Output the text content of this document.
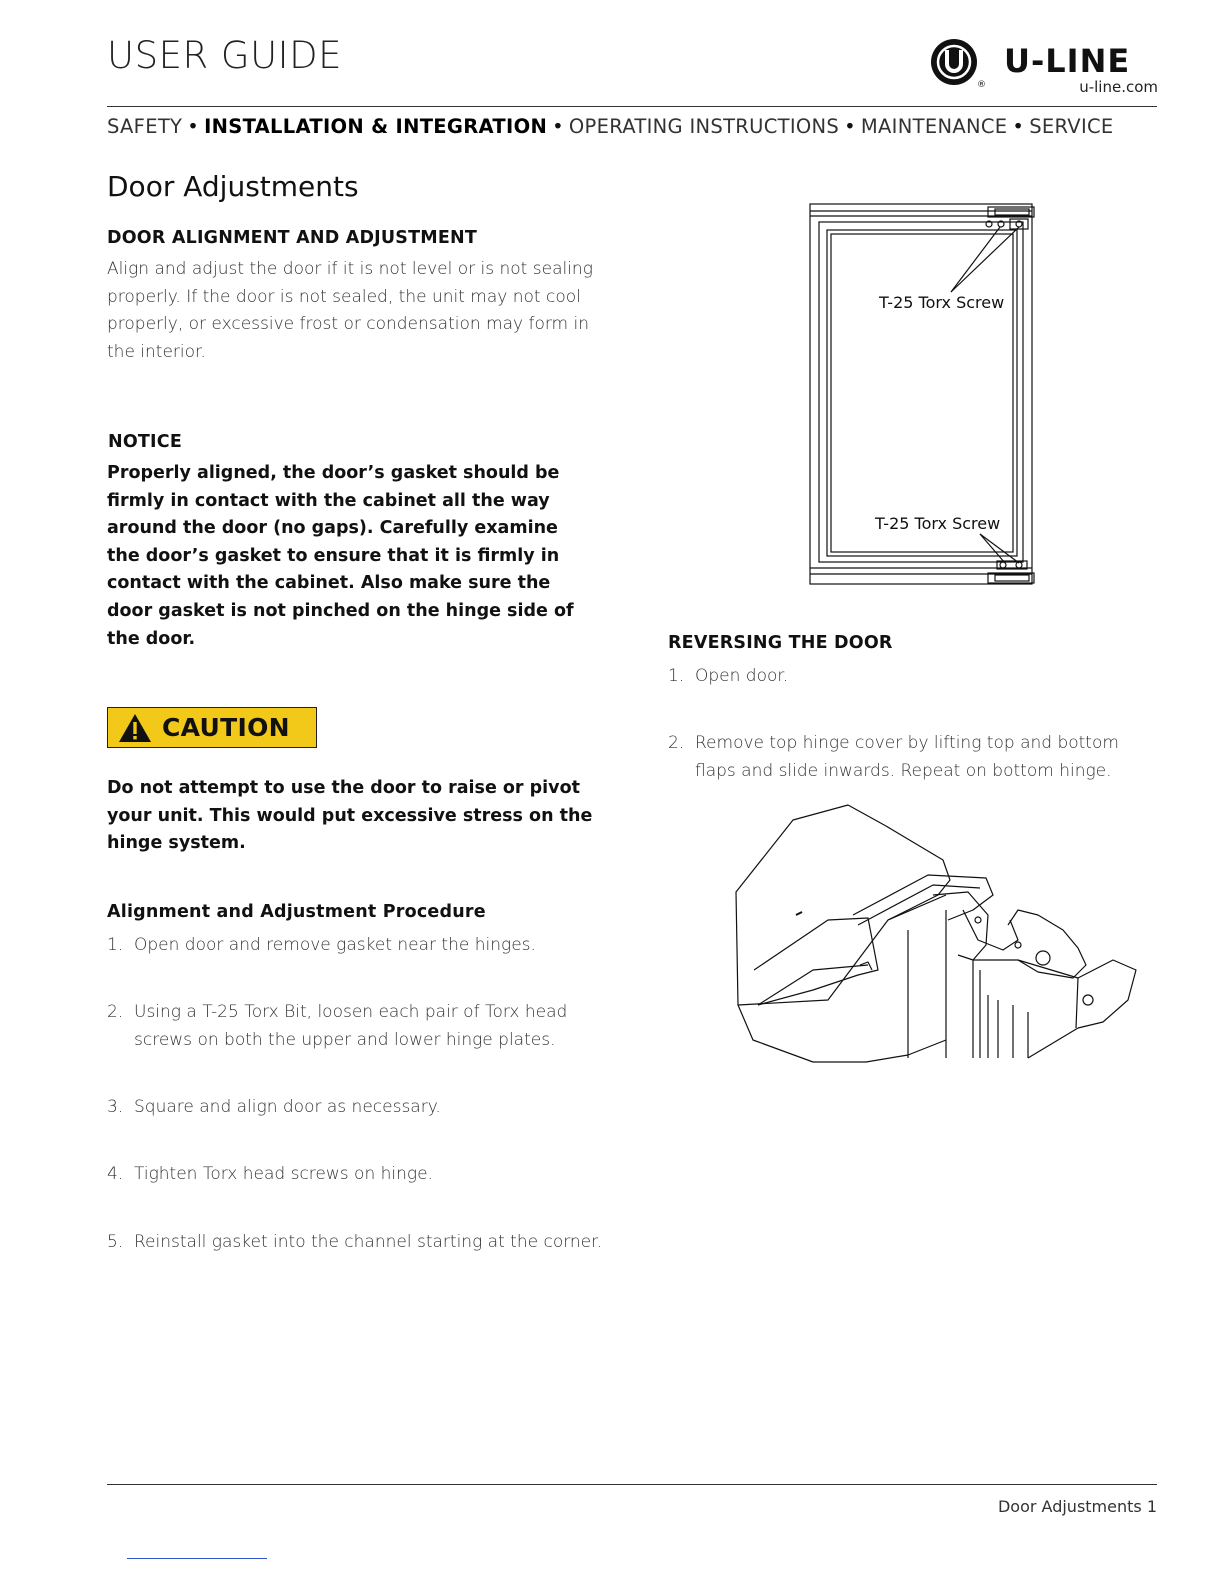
USER GUIDE
®
U-LINE
u-line.com
SAFETY • INSTALLATION & INTEGRATION • OPERATING INSTRUCTIONS • MAINTENANCE • SERVICE
Door Adjustments
DOOR ALIGNMENT AND ADJUSTMENT

Align and adjust the door if it is not level or is not sealing properly. If the door is not sealed, the unit may not cool properly, or excessive frost or condensation may form in the interior.

NOTICE

Properly aligned, the door’s gasket should be firmly in contact with the cabinet all the way around the door (no gaps). Carefully examine the door’s gasket to ensure that it is firmly in contact with the cabinet. Also make sure the door gasket is not pinched on the hinge side of the door.

CAUTION

Do not attempt to use the door to raise or pivot your unit. This would put excessive stress on the hinge system.

Alignment and Adjustment Procedure
1. Open door and remove gasket near the hinges.
2. Using a T-25 Torx Bit, loosen each pair of Torx head screws on both the upper and lower hinge plates.
3. Square and align door as necessary.
4. Tighten Torx head screws on hinge.
5. Reinstall gasket into the channel starting at the corner.
T-25 Torx Screw
T-25 Torx Screw
REVERSING THE DOOR
1. Open door.
2. Remove top hinge cover by lifting top and bottom flaps and slide inwards. Repeat on bottom hinge.
Door Adjustments 1
